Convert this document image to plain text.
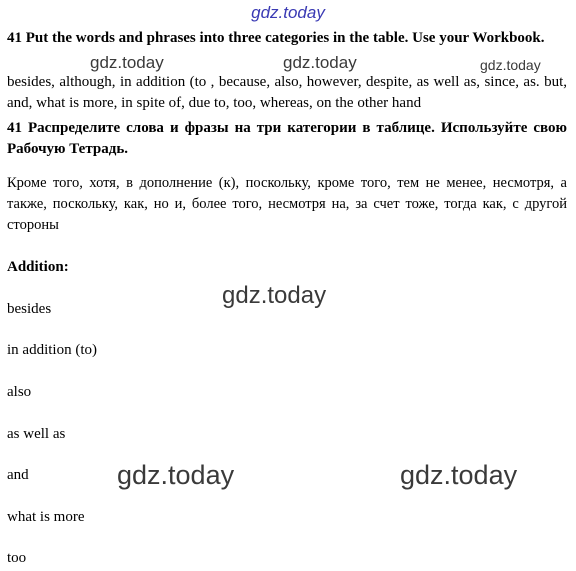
gdz.today

41 Put the words and phrases into three categories in the table. Use your Workbook.

besides, although, in addition (to , because, also, however, despite, as well as, since, as. but, and, what is more, in spite of, due to, too, whereas, on the other hand

41 Распределите слова и фразы на три категории в таблице. Используйте свою Рабочую Тетрадь.

Кроме того, хотя, в дополнение (к), поскольку, кроме того, тем не менее, несмотря, а также, поскольку, как, но и, более того, несмотря на, за счет тоже, тогда как, с другой стороны

Addition:

besides

in addition (to)

also

as well as

and

what is more

too

gdz.today	gdz.today	gdz.today
gdz.today
gdz.today	gdz.today
